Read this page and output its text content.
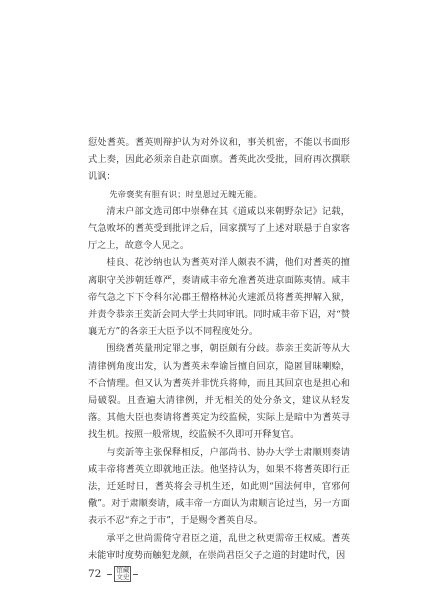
愆处耆英。耆英则辩护认为对外议和，事关机密，不能以书面形式上奏，因此必须亲自赴京面禀。耆英此次受批，回府再次撰联讥讽：

先帝褒奖有胆有识；时皇恩过无魄无能。

清末户部文选司郎中崇彝在其《道咸以来朝野杂记》记载，气急败坏的耆英受到批评之后，回家撰写了上述对联悬于自家客厅之上，故意令人见之。

桂良、花沙纳也认为耆英对洋人颇表不满，他们对耆英的擅离职守关涉朝廷尊严，奏请咸丰帝允准耆英进京面陈夷情。咸丰帝气急之下下令科尔沁郡王僧格林沁火速派员将耆英押解入狱，并责令恭亲王奕訢会同大学士共同审讯。同时咸丰帝下诏，对“赞襄无方”的各亲王大臣予以不同程度处分。

围绕耆英量刑定罪之事，朝臣颇有分歧。恭亲王奕訢等从大清律例角度出发，认为耆英未奉谕旨擅自回京，隐匿冒昧喇赊，不合情理。但又认为耆英并非恍兵将帅，而且其回京也是担心和局破裂。且查遍大清律例，并无相关的处分条文，建议从轻发落。其他大臣也奏请将耆英定为绞监候，实际上是暗中为耆英寻找生机。按照一般常规，绞监候不久即可开释复官。

与奕訢等主张保释相反，户部尚书、协办大学士肃顺则奏请咸丰帝将耆英立即就地正法。他坚持认为，如果不将耆英即行正法，迁延时日，耆英将会寻机生还，如此则“国法何申，官邪何儆”。对于肃顺奏请，咸丰帝一方面认为肃顺言论过当，另一方面表示不忍“弃之于市”，于是赐令耆英自尽。

承平之世尚需倚守君臣之道，乱世之秋更需帝王权威。耆英未能审时度势而触犯龙颜，在崇尚君臣父子之道的封建时代，因

72 馆藏
文史
